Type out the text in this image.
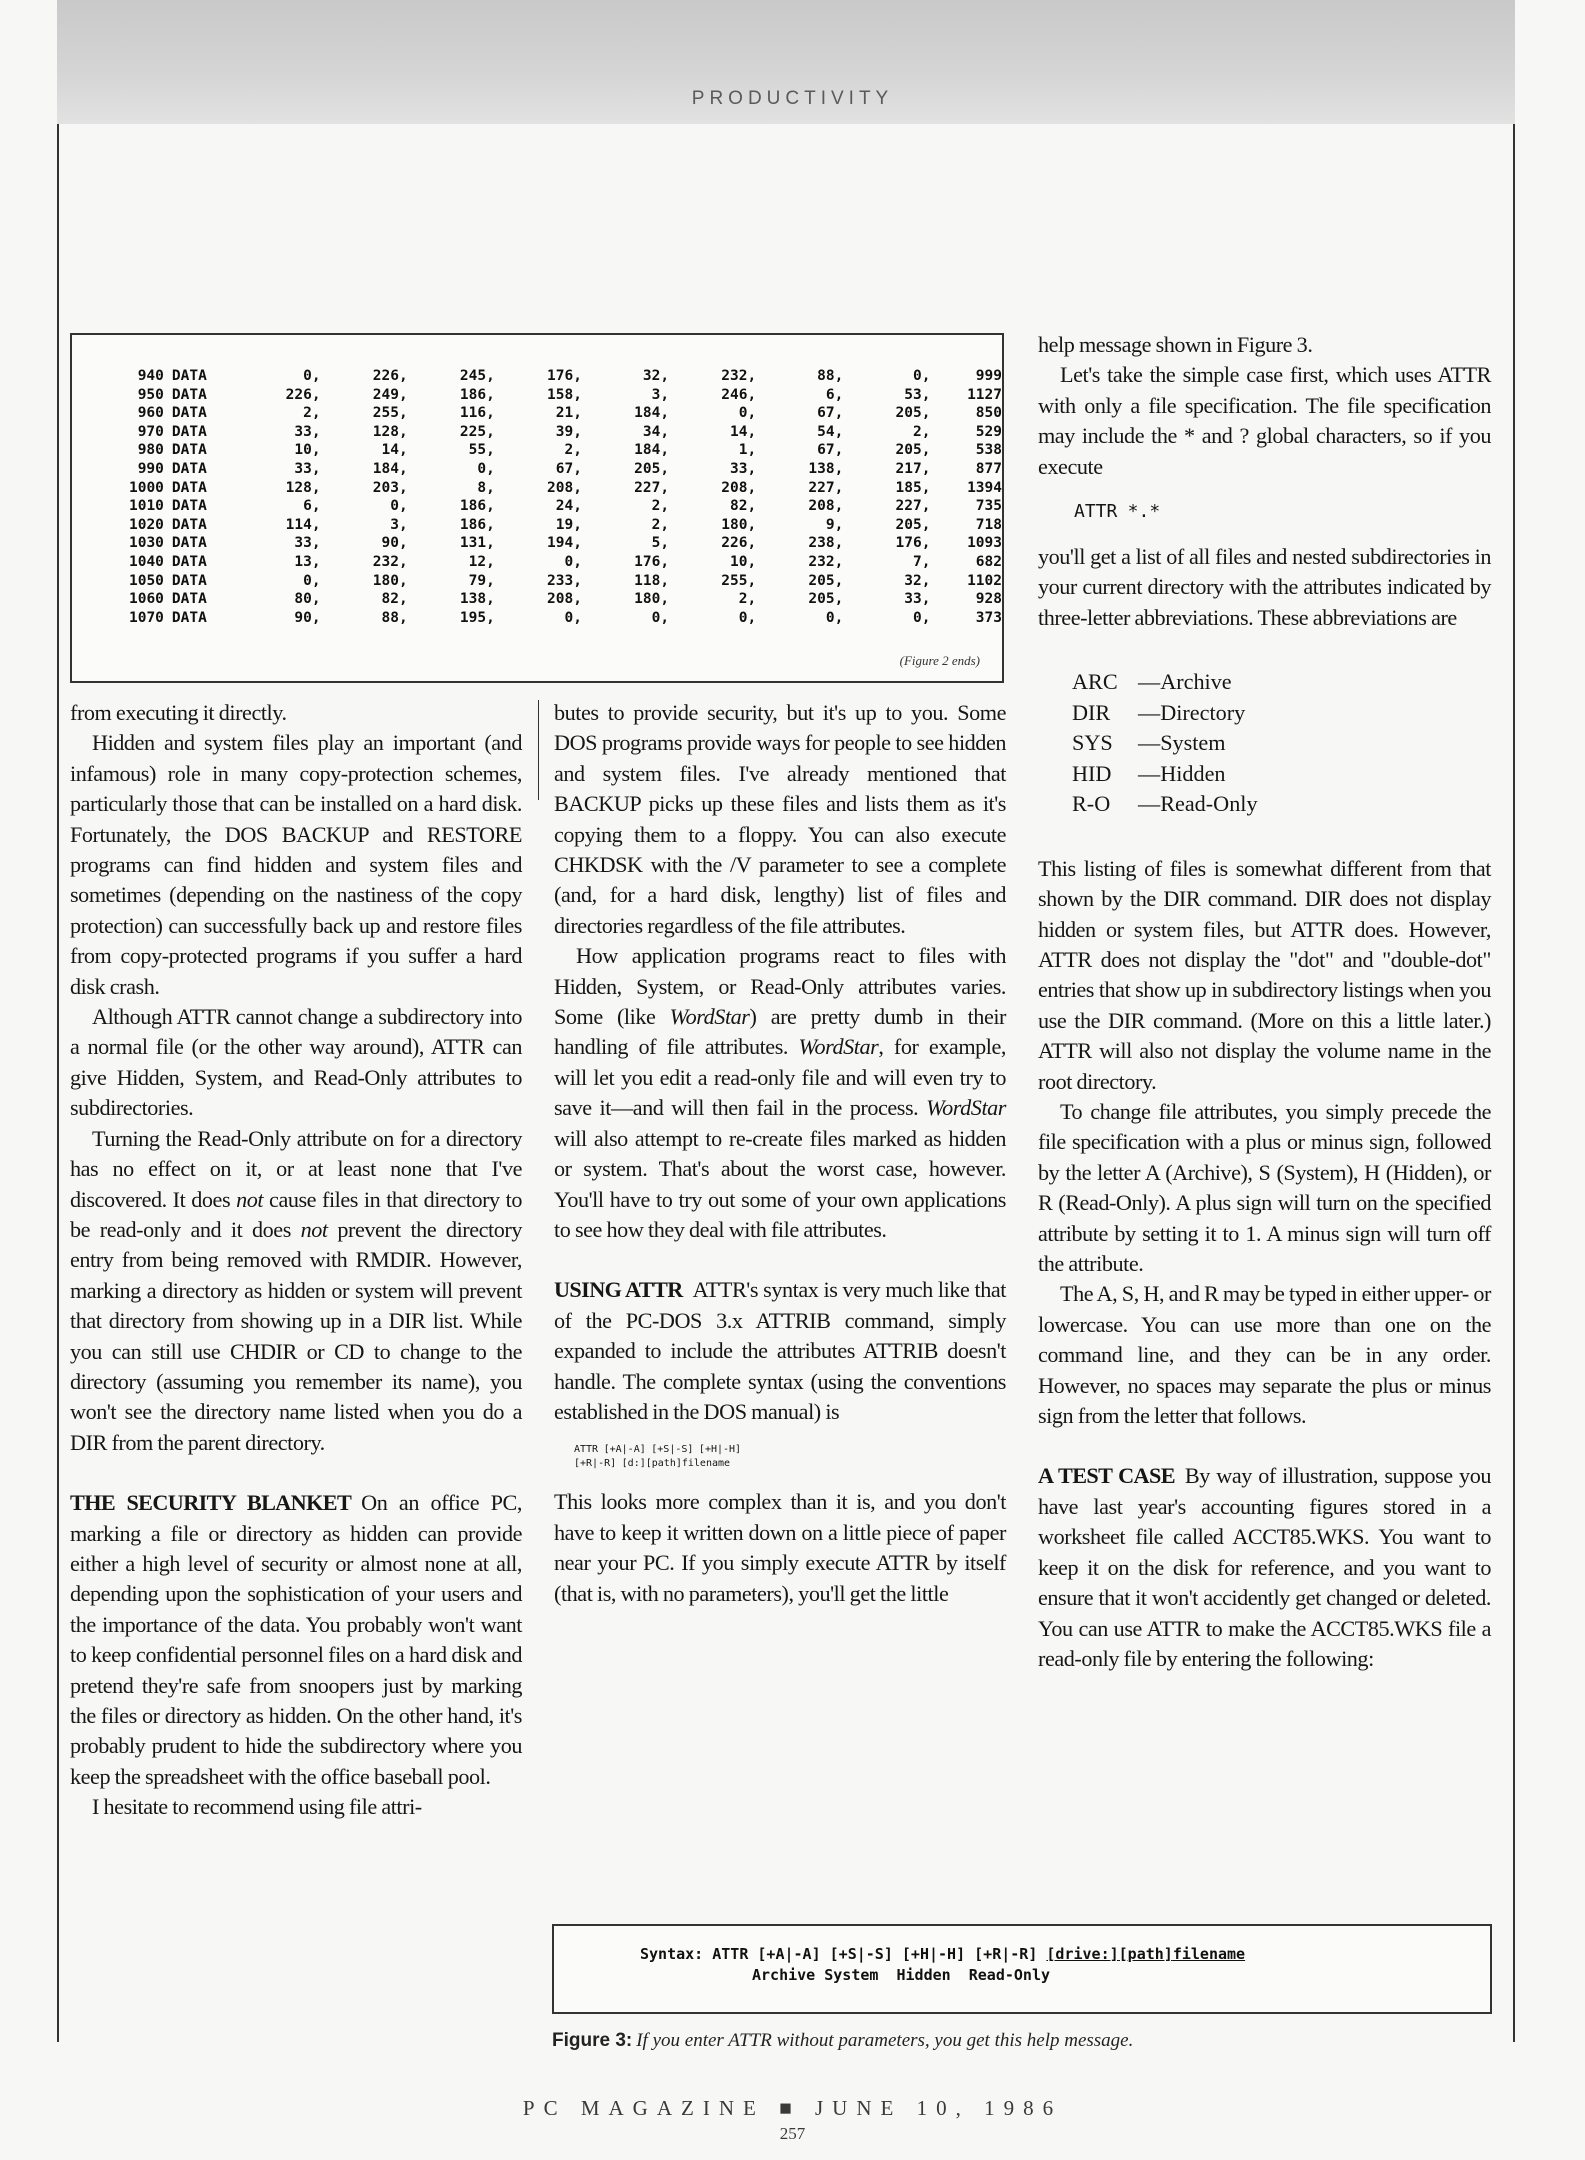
PRODUCTIVITY
940	DATA	0,	226,	245,	176,	32,	232,	88,	0,	999
950	DATA	226,	249,	186,	158,	3,	246,	6,	53,	1127
960	DATA	2,	255,	116,	21,	184,	0,	67,	205,	850
970	DATA	33,	128,	225,	39,	34,	14,	54,	2,	529
980	DATA	10,	14,	55,	2,	184,	1,	67,	205,	538
990	DATA	33,	184,	0,	67,	205,	33,	138,	217,	877
1000	DATA	128,	203,	8,	208,	227,	208,	227,	185,	1394
1010	DATA	6,	0,	186,	24,	2,	82,	208,	227,	735
1020	DATA	114,	3,	186,	19,	2,	180,	9,	205,	718
1030	DATA	33,	90,	131,	194,	5,	226,	238,	176,	1093
1040	DATA	13,	232,	12,	0,	176,	10,	232,	7,	682
1050	DATA	0,	180,	79,	233,	118,	255,	205,	32,	1102
1060	DATA	80,	82,	138,	208,	180,	2,	205,	33,	928
1070	DATA	90,	88,	195,	0,	0,	0,	0,	0,	373
(Figure 2 ends)

from executing it directly.

Hidden and system files play an important (and infamous) role in many copy-protection schemes, particularly those that can be installed on a hard disk. Fortunately, the DOS BACKUP and RESTORE programs can find hidden and system files and sometimes (depending on the nastiness of the copy protection) can successfully back up and restore files from copy-protected programs if you suffer a hard disk crash.

Although ATTR cannot change a subdirectory into a normal file (or the other way around), ATTR can give Hidden, System, and Read-Only attributes to subdirectories.

Turning the Read-Only attribute on for a directory has no effect on it, or at least none that I've discovered. It does not cause files in that directory to be read-only and it does not prevent the directory entry from being removed with RMDIR. However, marking a directory as hidden or system will prevent that directory from showing up in a DIR list. While you can still use CHDIR or CD to change to the directory (assuming you remember its name), you won't see the directory name listed when you do a DIR from the parent directory.

THE SECURITY BLANKET On an office PC, marking a file or directory as hidden can provide either a high level of security or almost none at all, depending upon the sophistication of your users and the importance of the data. You probably won't want to keep confidential personnel files on a hard disk and pretend they're safe from snoopers just by marking the files or directory as hidden. On the other hand, it's probably prudent to hide the subdirectory where you keep the spreadsheet with the office baseball pool.

I hesitate to recommend using file attri-

butes to provide security, but it's up to you. Some DOS programs provide ways for people to see hidden and system files. I've already mentioned that BACKUP picks up these files and lists them as it's copying them to a floppy. You can also execute CHKDSK with the /V parameter to see a complete (and, for a hard disk, lengthy) list of files and directories regardless of the file attributes.

How application programs react to files with Hidden, System, or Read-Only attributes varies. Some (like WordStar) are pretty dumb in their handling of file attributes. WordStar, for example, will let you edit a read-only file and will even try to save it—and will then fail in the process. WordStar will also attempt to re-create files marked as hidden or system. That's about the worst case, however. You'll have to try out some of your own applications to see how they deal with file attributes.

USING ATTR ATTR's syntax is very much like that of the PC-DOS 3.x ATTRIB command, simply expanded to include the attributes ATTRIB doesn't handle. The complete syntax (using the conventions established in the DOS manual) is

ATTR [+A|-A] [+S|-S] [+H|-H]
[+R|-R] [d:][path]filename

This looks more complex than it is, and you don't have to keep it written down on a little piece of paper near your PC. If you simply execute ATTR by itself (that is, with no parameters), you'll get the little

help message shown in Figure 3.

Let's take the simple case first, which uses ATTR with only a file specification. The file specification may include the * and ? global characters, so if you execute

ATTR *.*

you'll get a list of all files and nested subdirectories in your current directory with the attributes indicated by three-letter abbreviations. These abbreviations are

ARC —Archive
DIR	—Directory
SYS	—System
HID	—Hidden
R-O	—Read-Only

This listing of files is somewhat different from that shown by the DIR command. DIR does not display hidden or system files, but ATTR does. However, ATTR does not display the "dot" and "double-dot" entries that show up in subdirectory listings when you use the DIR command. (More on this a little later.) ATTR will also not display the volume name in the root directory.

To change file attributes, you simply precede the file specification with a plus or minus sign, followed by the letter A (Archive), S (System), H (Hidden), or R (Read-Only). A plus sign will turn on the specified attribute by setting it to 1. A minus sign will turn off the attribute.

The A, S, H, and R may be typed in either upper- or lowercase. You can use more than one on the command line, and they can be in any order. However, no spaces may separate the plus or minus sign from the letter that follows.

A TEST CASE By way of illustration, suppose you have last year's accounting figures stored in a worksheet file called ACCT85.WKS. You want to keep it on the disk for reference, and you want to ensure that it won't accidently get changed or deleted. You can use ATTR to make the ACCT85.WKS file a read-only file by entering the following:

Syntax: ATTR [+A|-A] [+S|-S] [+H|-H] [+R|-R] [drive:][path]filename
Archive System  Hidden  Read-Only
Figure 3: If you enter ATTR without parameters, you get this help message.
PC MAGAZINE ■ JUNE 10, 1986
257
